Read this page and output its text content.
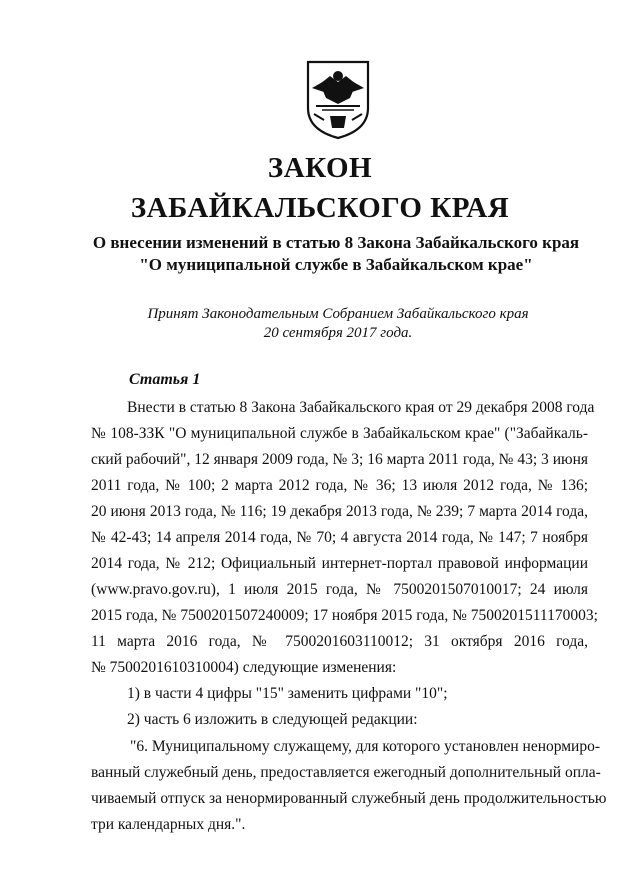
ЗАКОН
ЗАБАЙКАЛЬСКОГО КРАЯ
О внесении изменений в статью 8 Закона Забайкальского края
"О муниципальной службе в Забайкальском крае"
Принят Законодательным Собранием Забайкальского края
20 сентября 2017 года.
Статья 1
Внести в статью 8 Закона Забайкальского края от 29 декабря 2008 года
№ 108-ЗЗК "О муниципальной службе в Забайкальском крае" ("Забайкаль-
ский рабочий", 12 января 2009 года, № 3; 16 марта 2011 года, № 43; 3 июня
2011 года, № 100; 2 марта 2012 года, № 36; 13 июля 2012 года, № 136;
20 июня 2013 года, № 116; 19 декабря 2013 года, № 239; 7 марта 2014 года,
№ 42-43; 14 апреля 2014 года, № 70; 4 августа 2014 года, № 147; 7 ноября
2014 года, № 212; Официальный интернет-портал правовой информации
(www.pravo.gov.ru), 1 июля 2015 года, № 7500201507010017; 24 июля
2015 года, № 7500201507240009; 17 ноября 2015 года, № 7500201511170003;
11 марта 2016 года, № 7500201603110012; 31 октября 2016 года,
№ 7500201610310004) следующие изменения:
1) в части 4 цифры "15" заменить цифрами "10";
2) часть 6 изложить в следующей редакции:
"6. Муниципальному служащему, для которого установлен ненормиро-
ванный служебный день, предоставляется ежегодный дополнительный опла-
чиваемый отпуск за ненормированный служебный день продолжительностью
три календарных дня.".
